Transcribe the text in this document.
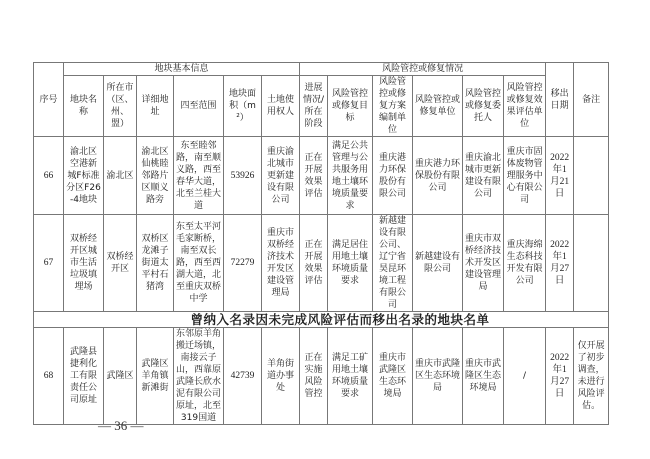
序号	地块基本信息						风险管控或修复情况						移出日期	备注
	地块名称	所在市（区、州、盟）	详细地址	四至范围	地块面积（m²）	土地使用权人	进展情况/所在阶段	风险管控或修复目标	风险管控或修复方案编制单位	风险管控或修复单位	风险管控或修复委托人	风险管控或修复效果评估单位		
66	渝北区空港新城F标准分区F26-4地块	渝北区	渝北区仙桃睦邻路片区顺义路旁	东至睦邻路，南至顺义路，西至春华大道，北至兰桂大道	53926	重庆渝北城市更新建设有限公司	正在开展效果评估	满足公共管理与公共服务用地土壤环境质量要求	重庆港力环保股份有限公司	重庆港力环保股份有限公司	重庆渝北城市更新建设有限公司	重庆市固体废物管理服务中心有限公司	2022年1月21日	
67	双桥经开区城市生活垃圾填埋场	双桥经开区	双桥区龙滩子街道太平村石猪湾	东至太平河毛家断桥，南至双长路，西至西湖大道，北至重庆双桥中学	72279	重庆市双桥经济技术开发区建设管理局	正在开展效果评估	满足居住用地土壤环境质量要求	新越建设有限公司、辽宁省昊昆环境工程有限公司	新越建设有限公司	重庆市双桥经济技术开发区建设管理局	重庆海绵生态科技开发有限公司	2022年1月27日	
曾纳入名录因未完成风险评估而移出名录的地块名单														
68	武隆县捷利化工有限责任公司原址	武隆区	武隆区羊角镇新滩街	东邻原羊角搬迁场镇，南接云子山，西靠原武隆长欣水泥有限公司原址，北至319国道	42739	羊角街道办事处	正在实施风险管控	满足工矿用地土壤环境质量要求	重庆市武隆区生态环境局	重庆市武隆区生态环境局	重庆市武隆区生态环境局	/	2022年1月27日	仅开展了初步调查，未进行风险评估。
— 36 —
